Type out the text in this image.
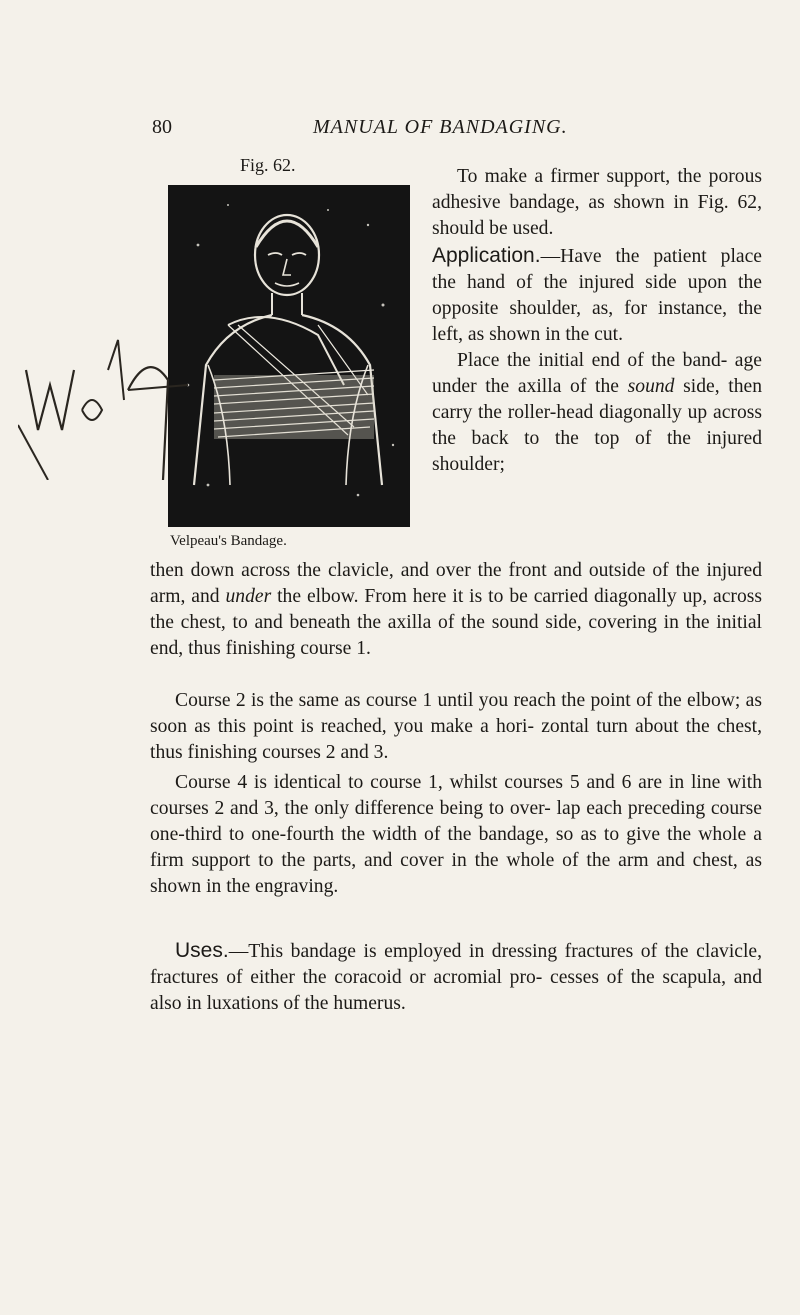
80	MANUAL OF BANDAGING.
Fig. 62.
Velpeau's Bandage.
To make a firmer support, the porous adhesive bandage, as shown in Fig. 62, should be used.
Application.—Have the patient place the hand of the injured side upon the opposite shoulder, as, for instance, the left, as shown in the cut.
Place the initial end of the band- age under the axilla of the sound side, then carry the roller-head diagonally up across the back to the top of the injured shoulder;
then down across the clavicle, and over the front and outside of the injured arm, and under the elbow. From here it is to be carried diagonally up, across the chest, to and beneath the axilla of the sound side, covering in the initial end, thus finishing course 1.
Course 2 is the same as course 1 until you reach the point of the elbow; as soon as this point is reached, you make a hori- zontal turn about the chest, thus finishing courses 2 and 3.
Course 4 is identical to course 1, whilst courses 5 and 6 are in line with courses 2 and 3, the only difference being to over- lap each preceding course one-third to one-fourth the width of the bandage, so as to give the whole a firm support to the parts, and cover in the whole of the arm and chest, as shown in the engraving.
Uses.—This bandage is employed in dressing fractures of the clavicle, fractures of either the coracoid or acromial pro- cesses of the scapula, and also in luxations of the humerus.
